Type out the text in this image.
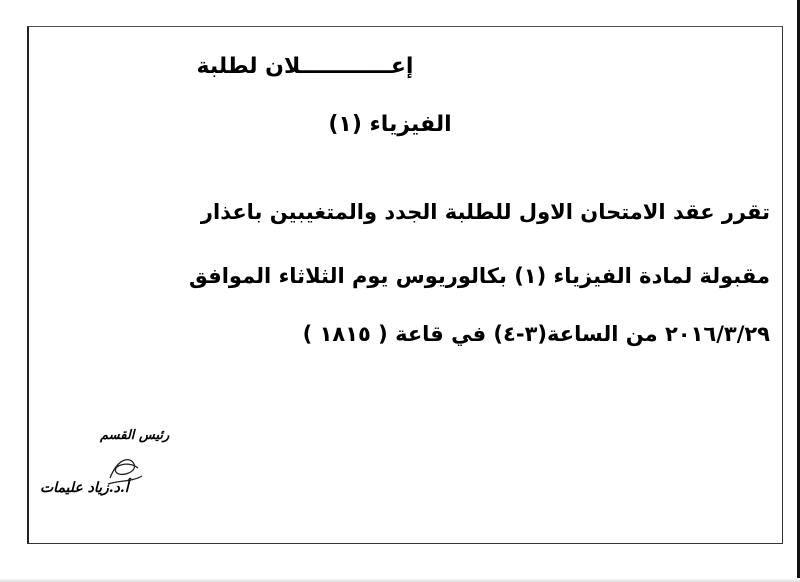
إعــــــــــــلان لطلبة
الفيزياء (١)
تقرر عقد الامتحان الاول للطلبة الجدد والمتغيبين باعذار
مقبولة لمادة الفيزياء (١) بكالوريوس يوم الثلاثاء الموافق
٢٠١٦/٣/٢٩ من الساعة(٣-٤) في قاعة ( ١٨١٥ )
رئيس القسم
أ.د.زياد عليمات
